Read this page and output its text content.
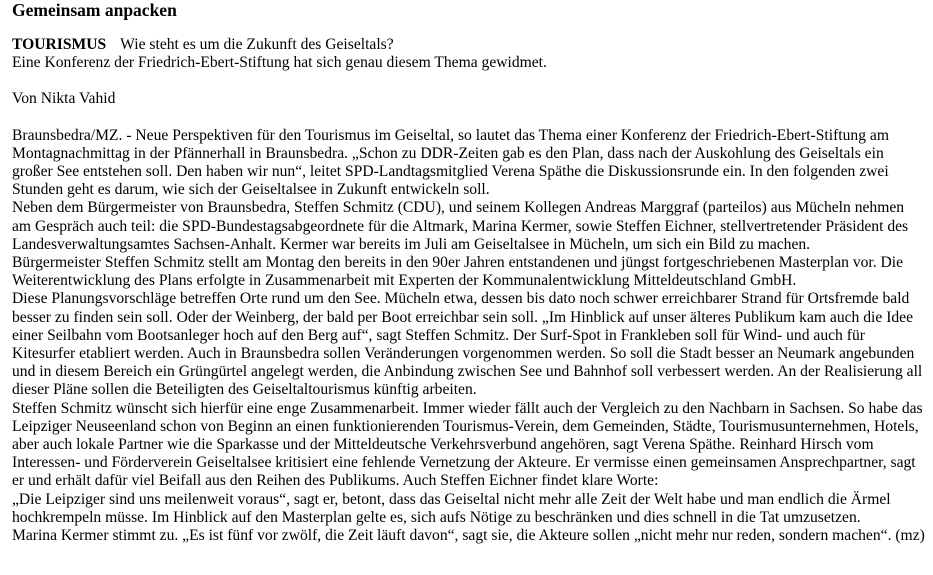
Gemeinsam anpacken

TOURISMUS Wie steht es um die Zukunft des Geiseltals?

Eine Konferenz der Friedrich-Ebert-Stiftung hat sich genau diesem Thema gewidmet.

Von Nikta Vahid

Braunsbedra/MZ. - Neue Perspektiven für den Tourismus im Geiseltal, so lautet das Thema einer Konferenz der Friedrich-Ebert-Stiftung am Montagnachmittag in der Pfännerhall in Braunsbedra. „Schon zu DDR-Zeiten gab es den Plan, dass nach der Auskohlung des Geiseltals ein großer See entstehen soll. Den haben wir nun“, leitet SPD-Landtagsmitglied Verena Späthe die Diskussionsrunde ein. In den folgenden zwei Stunden geht es darum, wie sich der Geiseltalsee in Zukunft entwickeln soll.

Neben dem Bürgermeister von Braunsbedra, Steffen Schmitz (CDU), und seinem Kollegen Andreas Marggraf (parteilos) aus Mücheln nehmen am Gespräch auch teil: die SPD-Bundestagsabgeordnete für die Altmark, Marina Kermer, sowie Steffen Eichner, stellvertretender Präsident des Landesverwaltungsamtes Sachsen-Anhalt. Kermer war bereits im Juli am Geiseltalsee in Mücheln, um sich ein Bild zu machen.

Bürgermeister Steffen Schmitz stellt am Montag den bereits in den 90er Jahren entstandenen und jüngst fortgeschriebenen Masterplan vor. Die Weiterentwicklung des Plans erfolgte in Zusammenarbeit mit Experten der Kommunalentwicklung Mitteldeutschland GmbH.

Diese Planungsvorschläge betreffen Orte rund um den See. Mücheln etwa, dessen bis dato noch schwer erreichbarer Strand für Ortsfremde bald besser zu finden sein soll. Oder der Weinberg, der bald per Boot erreichbar sein soll. „Im Hinblick auf unser älteres Publikum kam auch die Idee einer Seilbahn vom Bootsanleger hoch auf den Berg auf“, sagt Steffen Schmitz. Der Surf-Spot in Frankleben soll für Wind- und auch für Kitesurfer etabliert werden. Auch in Braunsbedra sollen Veränderungen vorgenommen werden. So soll die Stadt besser an Neumark angebunden und in diesem Bereich ein Grüngürtel angelegt werden, die Anbindung zwischen See und Bahnhof soll verbessert werden. An der Realisierung all dieser Pläne sollen die Beteiligten des Geiseltaltourismus künftig arbeiten.

Steffen Schmitz wünscht sich hierfür eine enge Zusammenarbeit. Immer wieder fällt auch der Vergleich zu den Nachbarn in Sachsen. So habe das Leipziger Neuseenland schon von Beginn an einen funktionierenden Tourismus-Verein, dem Gemeinden, Städte, Tourismusunternehmen, Hotels, aber auch lokale Partner wie die Sparkasse und der Mitteldeutsche Verkehrsverbund angehören, sagt Verena Späthe. Reinhard Hirsch vom Interessen- und Förderverein Geiseltalsee kritisiert eine fehlende Vernetzung der Akteure. Er vermisse einen gemeinsamen Ansprechpartner, sagt er und erhält dafür viel Beifall aus den Reihen des Publikums. Auch Steffen Eichner findet klare Worte:

„Die Leipziger sind uns meilenweit voraus“, sagt er, betont, dass das Geiseltal nicht mehr alle Zeit der Welt habe und man endlich die Ärmel hochkrempeln müsse. Im Hinblick auf den Masterplan gelte es, sich aufs Nötige zu beschränken und dies schnell in die Tat umzusetzen.

Marina Kermer stimmt zu. „Es ist fünf vor zwölf, die Zeit läuft davon“, sagt sie, die Akteure sollen „nicht mehr nur reden, sondern machen“. (mz)
